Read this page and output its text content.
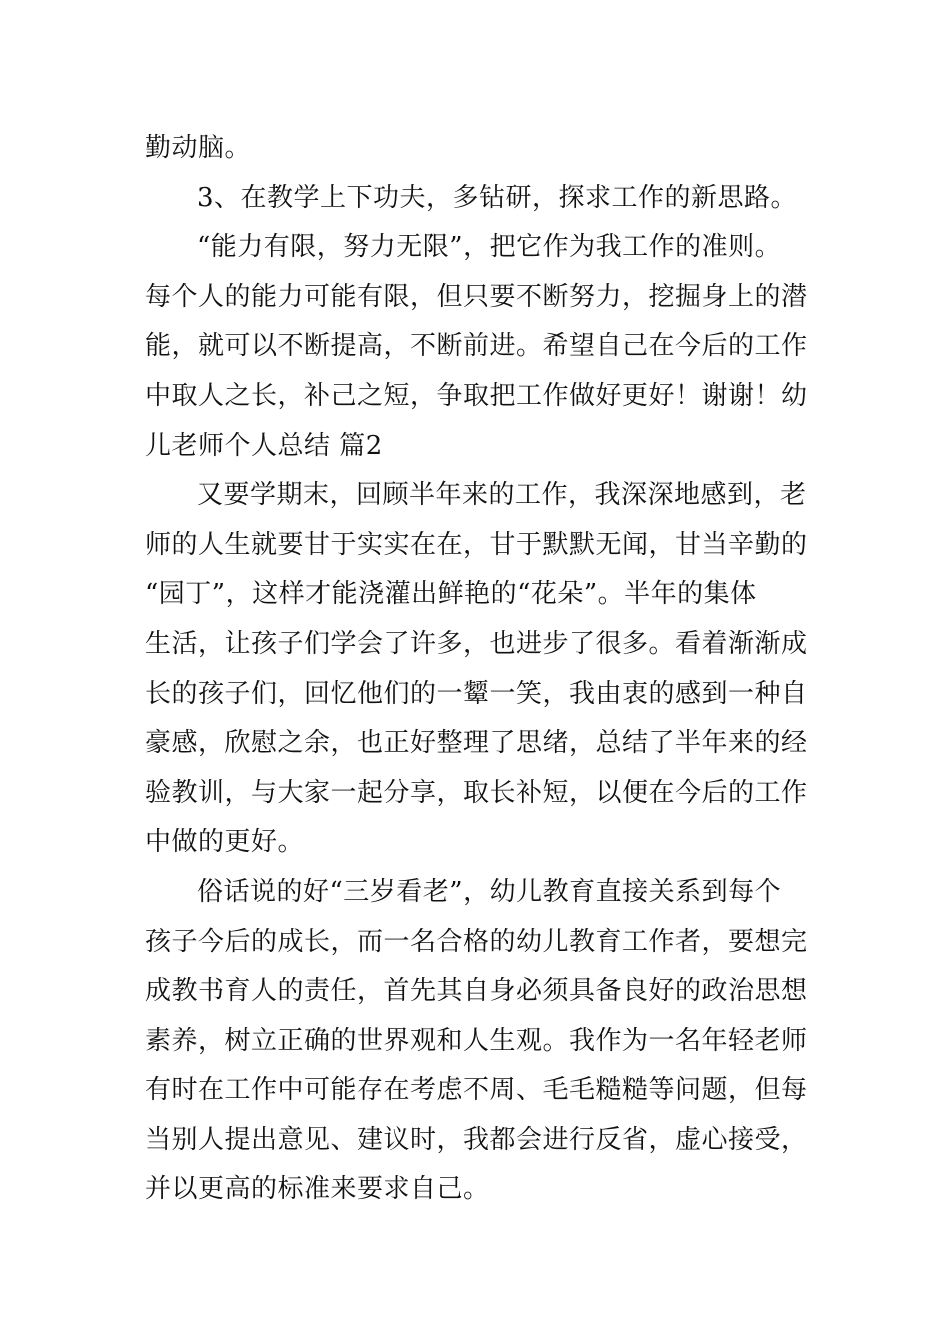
勤动脑。
3、在教学上下功夫，多钻研，探求工作的新思路。
“能力有限，努力无限”，把它作为我工作的准则。
每个人的能力可能有限，但只要不断努力，挖掘身上的潜
能，就可以不断提高，不断前进。希望自己在今后的工作
中取人之长，补己之短，争取把工作做好更好！谢谢！幼
儿老师个人总结 篇2
又要学期末，回顾半年来的工作，我深深地感到，老
师的人生就要甘于实实在在，甘于默默无闻，甘当辛勤的
“园丁”，这样才能浇灌出鲜艳的“花朵”。半年的集体
生活，让孩子们学会了许多，也进步了很多。看着渐渐成
长的孩子们，回忆他们的一颦一笑，我由衷的感到一种自
豪感，欣慰之余，也正好整理了思绪，总结了半年来的经
验教训，与大家一起分享，取长补短，以便在今后的工作
中做的更好。
俗话说的好“三岁看老”，幼儿教育直接关系到每个
孩子今后的成长，而一名合格的幼儿教育工作者，要想完
成教书育人的责任，首先其自身必须具备良好的政治思想
素养，树立正确的世界观和人生观。我作为一名年轻老师
有时在工作中可能存在考虑不周、毛毛糙糙等问题，但每
当别人提出意见、建议时，我都会进行反省，虚心接受，
并以更高的标准来要求自己。
